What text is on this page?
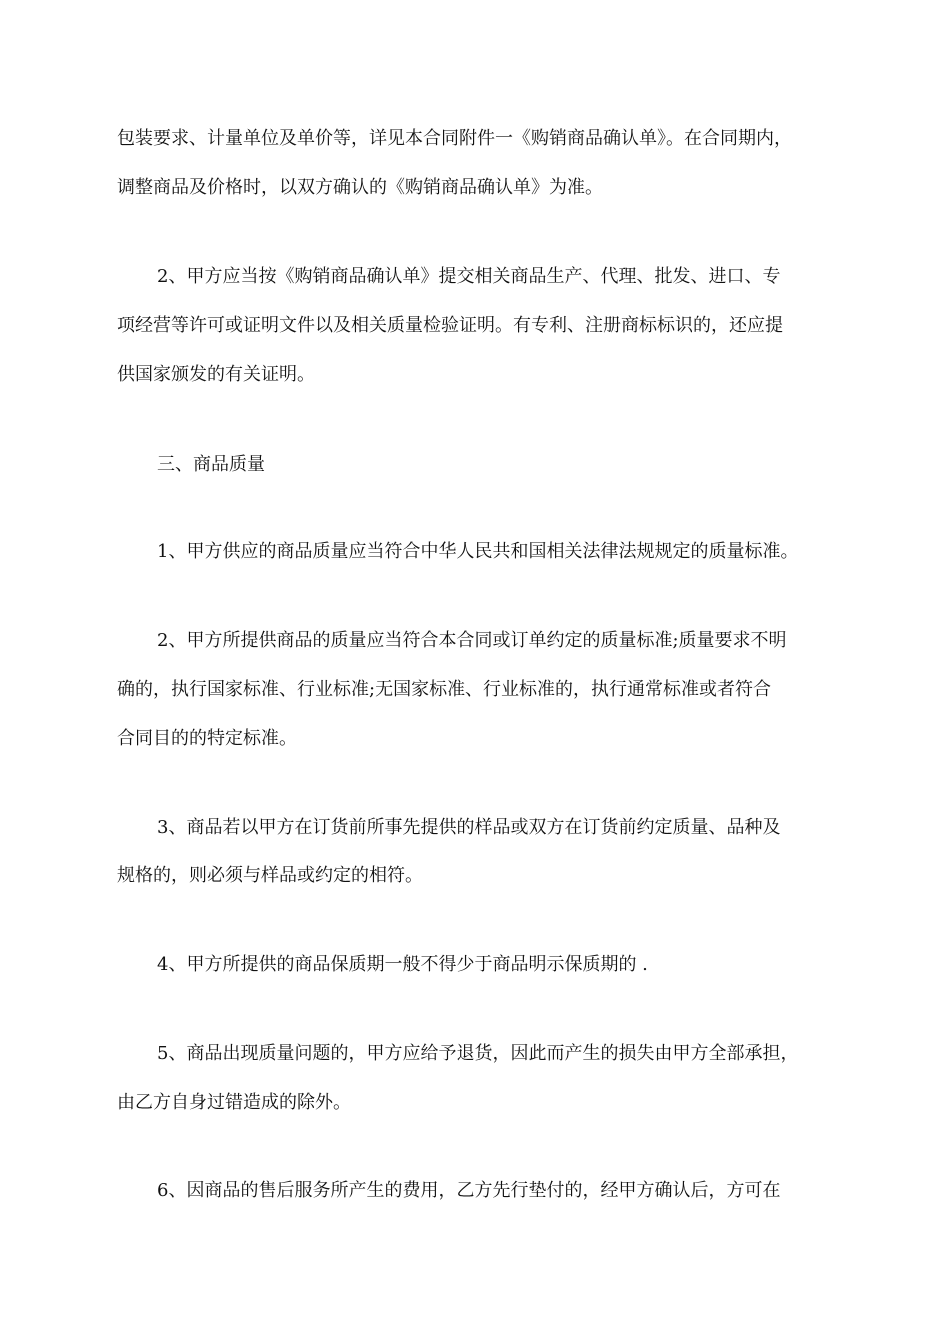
包装要求、计量单位及单价等，详见本合同附件一《购销商品确认单》。在合同期内，
调整商品及价格时，以双方确认的《购销商品确认单》为准。
2、甲方应当按《购销商品确认单》提交相关商品生产、代理、批发、进口、专
项经营等许可或证明文件以及相关质量检验证明。有专利、注册商标标识的，还应提
供国家颁发的有关证明。
三、商品质量
1、甲方供应的商品质量应当符合中华人民共和国相关法律法规规定的质量标准。
2、甲方所提供商品的质量应当符合本合同或订单约定的质量标准;质量要求不明
确的，执行国家标准、行业标准;无国家标准、行业标准的，执行通常标准或者符合
合同目的的特定标准。
3、商品若以甲方在订货前所事先提供的样品或双方在订货前约定质量、品种及
规格的，则必须与样品或约定的相符。
4、甲方所提供的商品保质期一般不得少于商品明示保质期的 .
5、商品出现质量问题的，甲方应给予退货，因此而产生的损失由甲方全部承担，
由乙方自身过错造成的除外。
6、因商品的售后服务所产生的费用，乙方先行垫付的，经甲方确认后，方可在
